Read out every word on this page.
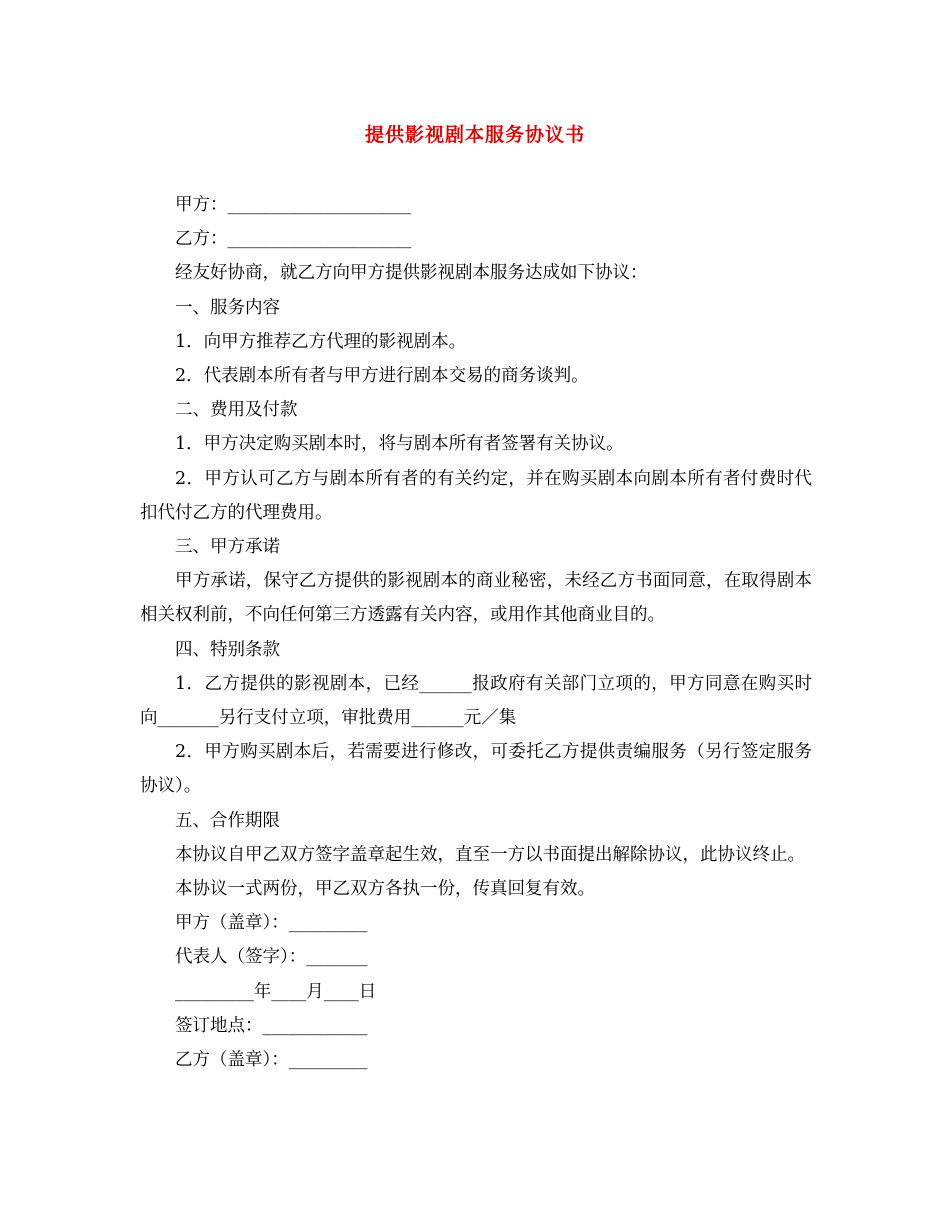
提供影视剧本服务协议书

甲方：_____________________

乙方：_____________________

经友好协商，就乙方向甲方提供影视剧本服务达成如下协议：

一、服务内容

1．向甲方推荐乙方代理的影视剧本。

2．代表剧本所有者与甲方进行剧本交易的商务谈判。

二、费用及付款

1．甲方决定购买剧本时，将与剧本所有者签署有关协议。

2．甲方认可乙方与剧本所有者的有关约定，并在购买剧本向剧本所有者付费时代扣代付乙方的代理费用。

三、甲方承诺

甲方承诺，保守乙方提供的影视剧本的商业秘密，未经乙方书面同意，在取得剧本相关权利前，不向任何第三方透露有关内容，或用作其他商业目的。

四、特别条款

1．乙方提供的影视剧本，已经______报政府有关部门立项的，甲方同意在购买时向_______另行支付立项，审批费用______元／集

2．甲方购买剧本后，若需要进行修改，可委托乙方提供责编服务（另行签定服务协议）。

五、合作期限

本协议自甲乙双方签字盖章起生效，直至一方以书面提出解除协议，此协议终止。

本协议一式两份，甲乙双方各执一份，传真回复有效。

甲方（盖章）：_________

代表人（签字）：_______

_________年____月____日

签订地点：____________

乙方（盖章）：_________
